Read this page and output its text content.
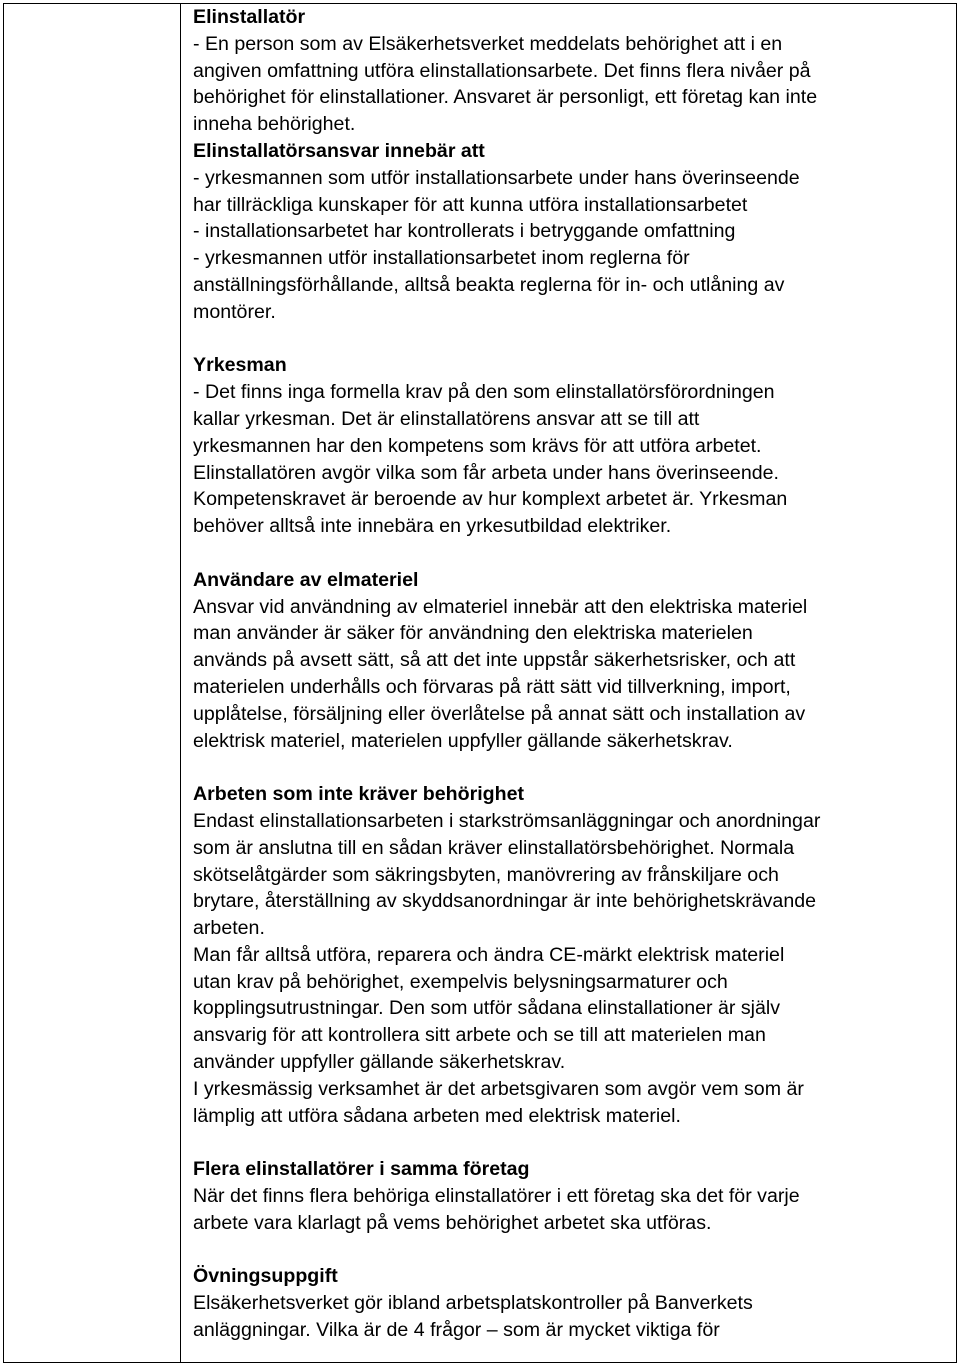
Elinstallatör

- En person som av Elsäkerhetsverket meddelats behörighet att i en

angiven omfattning utföra elinstallationsarbete. Det finns flera nivåer på

behörighet för elinstallationer. Ansvaret är personligt, ett företag kan inte

inneha behörighet.

Elinstallatörsansvar innebär att

- yrkesmannen som utför installationsarbete under hans överinseende

har tillräckliga kunskaper för att kunna utföra installationsarbetet

- installationsarbetet har kontrollerats i betryggande omfattning

- yrkesmannen utför installationsarbetet inom reglerna för

anställningsförhållande, alltså beakta reglerna för in- och utlåning av

montörer.

Yrkesman

- Det finns inga formella krav på den som elinstallatörsförordningen

kallar yrkesman. Det är elinstallatörens ansvar att se till att

yrkesmannen har den kompetens som krävs för att utföra arbetet.

Elinstallatören avgör vilka som får arbeta under hans överinseende.

Kompetenskravet är beroende av hur komplext arbetet är. Yrkesman

behöver alltså inte innebära en yrkesutbildad elektriker.

Användare av elmateriel

Ansvar vid användning av elmateriel innebär att den elektriska materiel

man använder är säker för användning den elektriska materielen

används på avsett sätt, så att det inte uppstår säkerhetsrisker, och att

materielen underhålls och förvaras på rätt sätt vid tillverkning, import,

upplåtelse, försäljning eller överlåtelse på annat sätt och installation av

elektrisk materiel, materielen uppfyller gällande säkerhetskrav.

Arbeten som inte kräver behörighet

Endast elinstallationsarbeten i starkströmsanläggningar och anordningar

som är anslutna till en sådan kräver elinstallatörsbehörighet. Normala

skötselåtgärder som säkringsbyten, manövrering av frånskiljare och

brytare, återställning av skyddsanordningar är inte behörighetskrävande

arbeten.

Man får alltså utföra, reparera och ändra CE-märkt elektrisk materiel

utan krav på behörighet, exempelvis belysningsarmaturer och

kopplingsutrustningar. Den som utför sådana elinstallationer är själv

ansvarig för att kontrollera sitt arbete och se till att materielen man

använder uppfyller gällande säkerhetskrav.

I yrkesmässig verksamhet är det arbetsgivaren som avgör vem som är

lämplig att utföra sådana arbeten med elektrisk materiel.

Flera elinstallatörer i samma företag

När det finns flera behöriga elinstallatörer i ett företag ska det för varje

arbete vara klarlagt på vems behörighet arbetet ska utföras.

Övningsuppgift

Elsäkerhetsverket gör ibland arbetsplatskontroller på Banverkets

anläggningar. Vilka är de 4 frågor – som är mycket viktiga för
